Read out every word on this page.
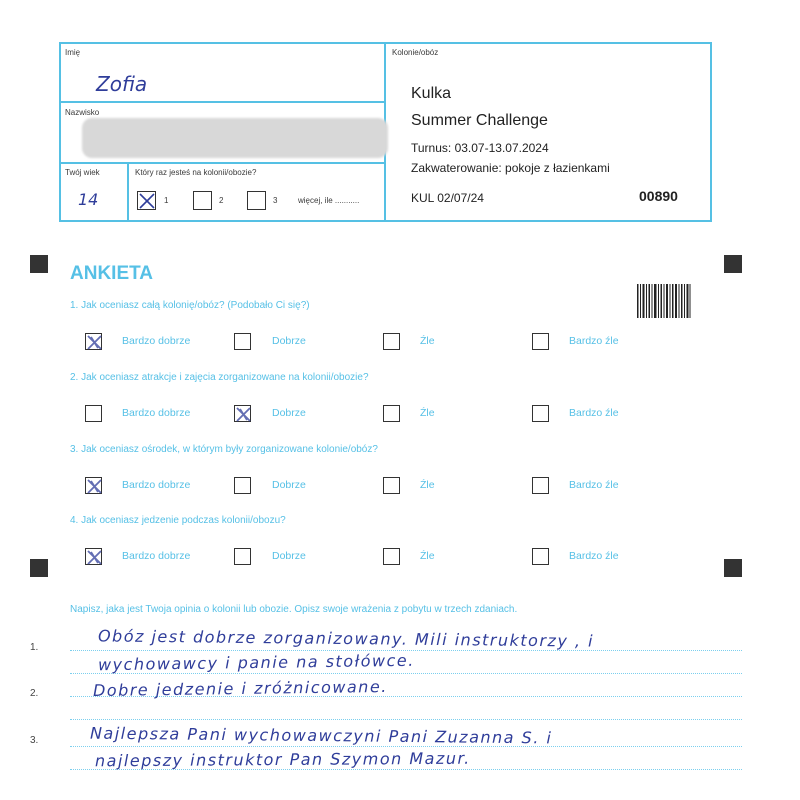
Imię
Zofia
Nazwisko
Twój wiek
14
Który raz jesteś na kolonii/obozie?
1	2	3	więcej, ile ...........
Kolonie/obóz
Kulka
Summer Challenge
Turnus: 03.07-13.07.2024
Zakwaterowanie: pokoje z łazienkami
KUL 02/07/24	00890
ANKIETA
1. Jak oceniasz całą kolonię/obóz? (Podobało Ci się?)
Bardzo dobrze	Dobrze	Źle	Bardzo źle
2. Jak oceniasz atrakcje i zajęcia zorganizowane na kolonii/obozie?
Bardzo dobrze	Dobrze	Źle	Bardzo źle
3. Jak oceniasz ośrodek, w którym były zorganizowane kolonie/obóz?
Bardzo dobrze	Dobrze	Źle	Bardzo źle
4. Jak oceniasz jedzenie podczas kolonii/obozu?
Bardzo dobrze	Dobrze	Źle	Bardzo źle
Napisz, jaka jest Twoja opinia o kolonii lub obozie. Opisz swoje wrażenia z pobytu w trzech zdaniach.
1.
2.
3.
Obóz jest dobrze zorganizowany. Mili instruktorzy , i
wychowawcy i panie na stołówce.
Dobre jedzenie i zróżnicowane.
Najlepsza Pani wychowawczyni Pani Zuzanna S. i
najlepszy instruktor Pan Szymon Mazur.
